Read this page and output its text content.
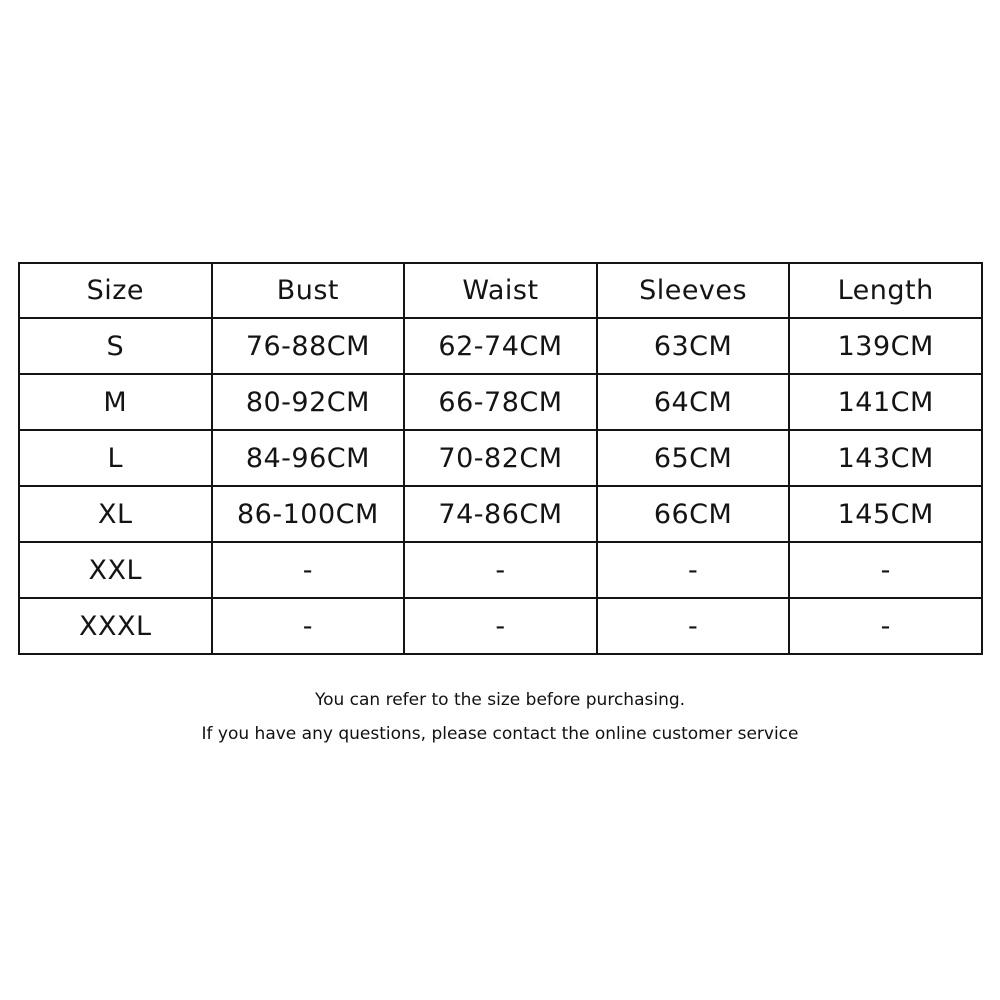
Size	Bust	Waist	Sleeves	Length
S	76-88CM	62-74CM	63CM	139CM
M	80-92CM	66-78CM	64CM	141CM
L	84-96CM	70-82CM	65CM	143CM
XL	86-100CM	74-86CM	66CM	145CM
XXL	-	-	-	-
XXXL	-	-	-	-
You can refer to the size before purchasing.
If you have any questions, please contact the online customer service
